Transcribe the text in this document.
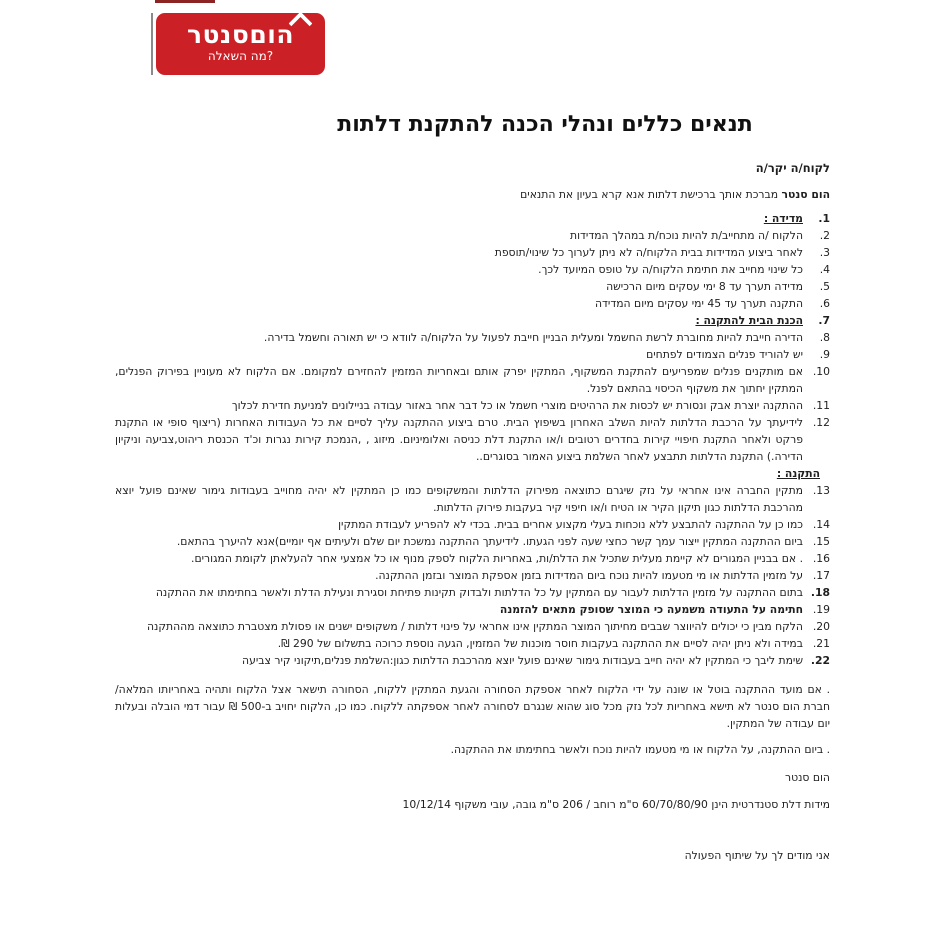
הוםסנטר
מה השאלה?
תנאים כללים ונהלי הכנה להתקנת דלתות
לקוח/ה יקר/ה
הום סנטר מברכת אותך ברכישת דלתות אנא קרא בעיון את התנאים
1.
מדידה :
2.
הלקוח /ה מתחייב/ת להיות נוכח/ת במהלך המדידות
3.
לאחר ביצוע המדידות בבית הלקוח/ה לא ניתן לערוך כל שינוי/תוספת
4.
כל שינוי מחייב את חתימת הלקוח/ה על טופס המיועד לכך.
5.
מדידה תערך עד 8 ימי עסקים מיום הרכישה
6.
התקנה תערך עד 45 ימי עסקים מיום המדידה
7.
הכנת הבית להתקנה :
8.
הדירה חייבת להיות מחוברת לרשת החשמל ומעלית הבניין חייבת לפעול על הלקוח/ה לוודא כי יש תאורה וחשמל בדירה.
9.
יש להוריד פנלים הצמודים לפתחים
10.
אם מותקנים פנלים שמפריעים להתקנת המשקוף, המתקין יפרק אותם ובאחריות המזמין להחזירם למקומם. אם הלקוח לא מעוניין בפירוק הפנלים, המתקין יחתוך את משקוף הכיסוי בהתאם לפנל.
11.
ההתקנה יוצרת אבק ונסורת יש לכסות את הרהיטים מוצרי חשמל או כל דבר אחר באזור עבודה בניילונים למניעת חדירת לכלוך
12.
לידיעתך על הרכבת הדלתות להיות השלב האחרון בשיפוץ הבית. טרם ביצוע ההתקנה עליך לסיים את כל העבודות האחרות (ריצוף סופי או התקנת פרקט ולאחר התקנת חיפויי קירות בחדרים רטובים ו/או התקנת דלת כניסה ואלומיניום. מיזוג , ,הנמכת קירות נגרות וכ'ד הכנסת ריהוט,צביעה וניקיון הדירה.) התקנת הדלתות תתבצע לאחר השלמת ביצוע האמור בסוגרים..
התקנה :
13.
מתקין החברה אינו אחראי על נזק שיגרם כתוצאה מפירוק הדלתות והמשקופים כמו כן המתקין לא יהיה מחוייב בעבודות גימור שאינם פועל יוצא מהרכבת הדלתות כגון תיקון הקיר או הטיח ו/או חיפוי קיר בעקבות פירוק הדלתות.
14.
כמו כן על ההתקנה להתבצע ללא נוכחות בעלי מקצוע אחרים בבית. בכדי לא להפריע לעבודת המתקין
15.
ביום ההתקנה המתקין ייצור עמך קשר כחצי שעה לפני הגעתו. לידיעתך ההתקנה נמשכת יום שלם ולעיתים אף יומיים)אנא להיערך בהתאם.
16.
. אם בבניין המגורים לא קיימת מעלית שתכיל את הדלת/ות, באחריות הלקוח לספק מנוף או כל אמצעי אחר להעלאתן לקומת המגורים.
17.
על מזמין הדלתות או מי מטעמו להיות נוכח ביום המדידות בזמן אספקת המוצר ובזמן ההתקנה.
18.
בתום ההתקנה על מזמין הדלתות לעבור עם המתקין על כל הדלתות ולבדוק תקינות פתיחת וסגירת ונעילת הדלת ולאשר בחתימתו את ההתקנה
19.
חתימה על התעודה משמעה כי המוצר שסופק מתאים להזמנה
20.
הלקח מבין כי יכולים להיווצר שבבים מחיתוך המוצר המתקין אינו אחראי על פינוי דלתות / משקופים ישנים או פסולת מצטברת כתוצאה מההתקנה
21.
במידה ולא ניתן יהיה לסיים את ההתקנה בעקבות חוסר מוכנות של המזמין, הגעה נוספת כרוכה בתשלום של 290 ₪.
22.
שימת ליבך כי המתקין לא יהיה חייב בעבודות גימור שאינם פועל יוצא מהרכבת הדלתות כגון:השלמת פנלים,תיקוני קיר צביעה
. אם מועד ההתקנה בוטל או שונה על ידי הלקוח לאחר אספקת הסחורה והגעת המתקין ללקוח, הסחורה תישאר אצל הלקוח ותהיה באחריותו המלאה/ חברת הום סנטר לא תישא באחריות לכל נזק מכל סוג שהוא שנגרם לסחורה לאחר אספקתה ללקוח. כמו כן, הלקוח יחויב ב-500 ₪ עבור דמי הובלה ובעלות יום עבודה של המתקין.
. ביום ההתקנה, על הלקוח או מי מטעמו להיות נוכח ולאשר בחתימתו את ההתקנה.
הום סנטר
מידות דלת סטנדרטית הינן 60/70/80/90 ס"מ רוחב / 206 ס"מ גובה, עובי משקוף 10/12/14
אני מודים לך על שיתוף הפעולה
